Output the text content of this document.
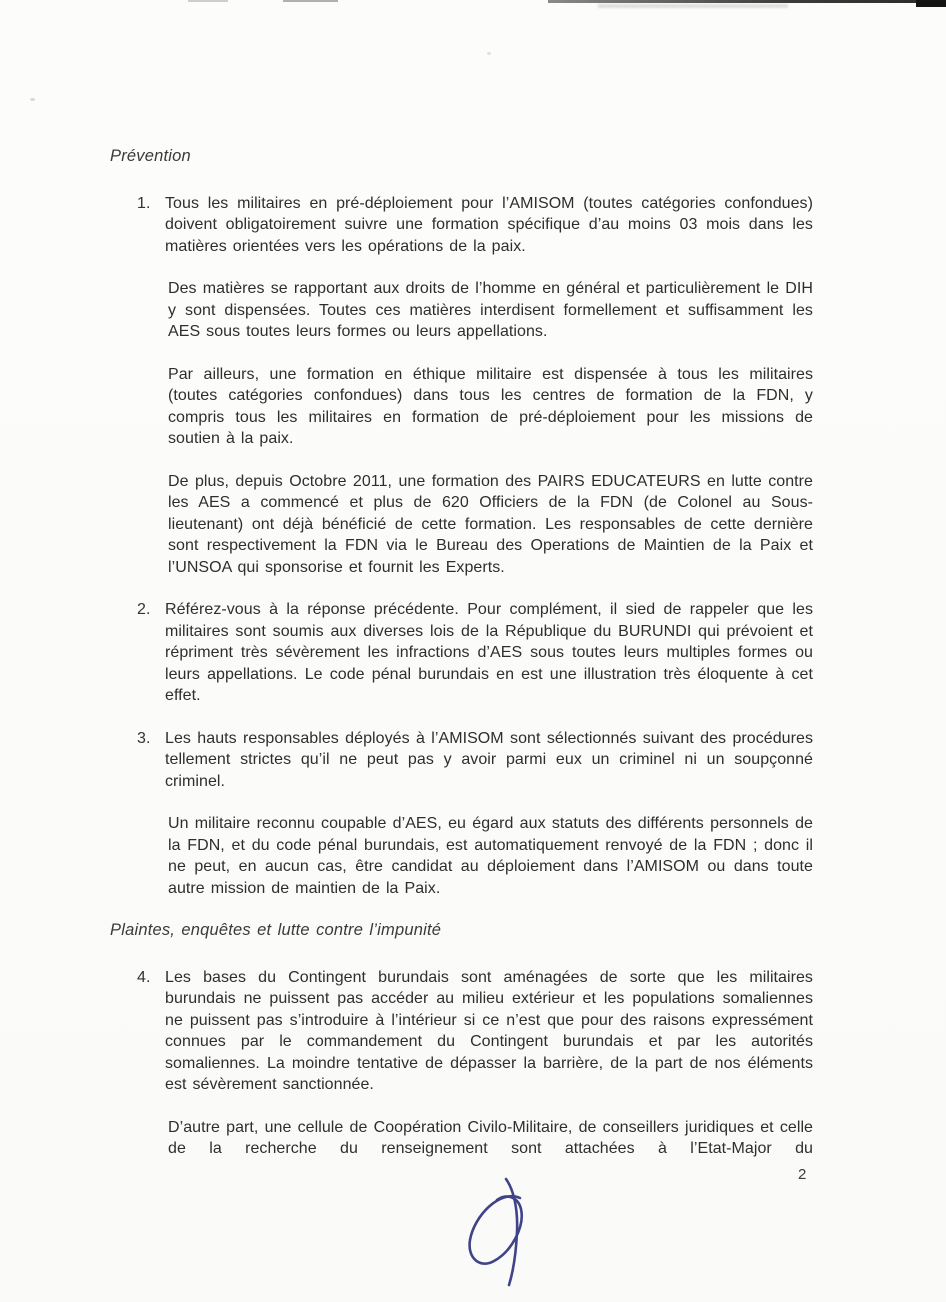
Prévention
1. Tous les militaires en pré-déploiement pour l’AMISOM (toutes catégories confondues) doivent obligatoirement suivre une formation spécifique d’au moins 03 mois dans les matières orientées vers les opérations de la paix.
Des matières se rapportant aux droits de l’homme en général et particulièrement le DIH y sont dispensées. Toutes ces matières interdisent formellement et suffisamment les AES sous toutes leurs formes ou leurs appellations.
Par ailleurs, une formation en éthique militaire est dispensée à tous les militaires (toutes catégories confondues) dans tous les centres de formation de la FDN, y compris tous les militaires en formation de pré-déploiement pour les missions de soutien à la paix.
De plus, depuis Octobre 2011, une formation des PAIRS EDUCATEURS en lutte contre les AES a commencé et plus de 620 Officiers de la FDN (de Colonel au Sous-lieutenant) ont déjà bénéficié de cette formation. Les responsables de cette dernière sont respectivement la FDN via le Bureau des Operations de Maintien de la Paix et l’UNSOA qui sponsorise et fournit les Experts.
2. Référez-vous à la réponse précédente. Pour complément, il sied de rappeler que les militaires sont soumis aux diverses lois de la République du BURUNDI qui prévoient et répriment très sévèrement les infractions d’AES sous toutes leurs multiples formes ou leurs appellations. Le code pénal burundais en est une illustration très éloquente à cet effet.
3. Les hauts responsables déployés à l’AMISOM sont sélectionnés suivant des procédures tellement strictes qu’il ne peut pas y avoir parmi eux un criminel ni un soupçonné criminel.
Un militaire reconnu coupable d’AES, eu égard aux statuts des différents personnels de la FDN, et du code pénal burundais, est automatiquement renvoyé de la FDN ; donc il ne peut, en aucun cas, être candidat au déploiement dans l’AMISOM ou dans toute autre mission de maintien de la Paix.
Plaintes, enquêtes et lutte contre l’impunité
4. Les bases du Contingent burundais sont aménagées de sorte que les militaires burundais ne puissent pas accéder au milieu extérieur et les populations somaliennes ne puissent pas s’introduire à l’intérieur si ce n’est que pour des raisons expressément connues par le commandement du Contingent burundais et par les autorités somaliennes. La moindre tentative de dépasser la barrière, de la part de nos éléments est sévèrement sanctionnée.
D’autre part, une cellule de Coopération Civilo-Militaire, de conseillers juridiques et celle de la recherche du renseignement sont attachées à l’Etat-Major du
2
